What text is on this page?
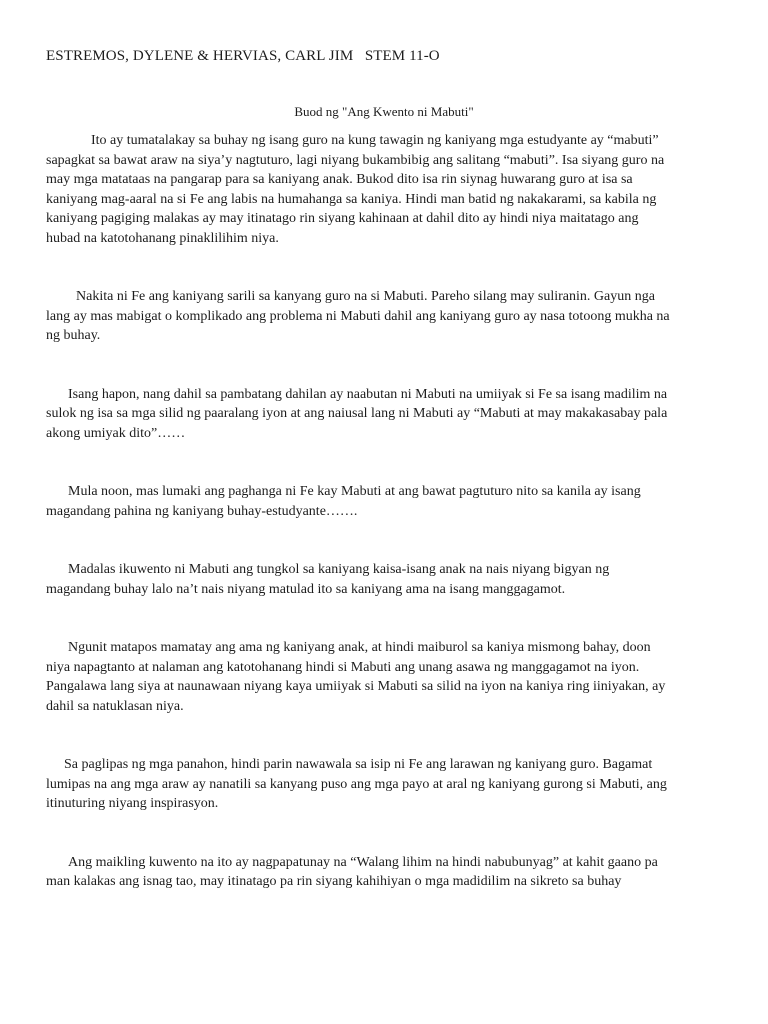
ESTREMOS, DYLENE & HERVIAS, CARL JIM   STEM 11-O
Buod ng "Ang Kwento ni Mabuti"

Ito ay tumatalakay sa buhay ng isang guro na kung tawagin ng kaniyang mga estudyante ay “mabuti”
sapagkat sa bawat araw na siya’y nagtuturo, lagi niyang bukambibig ang salitang “mabuti”. Isa siyang guro na
may mga matataas na pangarap para sa kaniyang anak. Bukod dito isa rin siynag huwarang guro at isa sa
kaniyang mag-aaral na si Fe ang labis na humahanga sa kaniya. Hindi man batid ng nakakarami, sa kabila ng
kaniyang pagiging malakas ay may itinatago rin siyang kahinaan at dahil dito ay hindi niya maitatago ang
hubad na katotohanang pinaklilihim niya.

Nakita ni Fe ang kaniyang sarili sa kanyang guro na si Mabuti. Pareho silang may suliranin. Gayun nga
lang ay mas mabigat o komplikado ang problema ni Mabuti dahil ang kaniyang guro ay nasa totoong mukha na
ng buhay.

Isang hapon, nang dahil sa pambatang dahilan ay naabutan ni Mabuti na umiiyak si Fe sa isang madilim na
sulok ng isa sa mga silid ng paaralang iyon at ang naiusal lang ni Mabuti ay “Mabuti at may makakasabay pala
akong umiyak dito”……

Mula noon, mas lumaki ang paghanga ni Fe kay Mabuti at ang bawat pagtuturo nito sa kanila ay isang
magandang pahina ng kaniyang buhay-estudyante…….

Madalas ikuwento ni Mabuti ang tungkol sa kaniyang kaisa-isang anak na nais niyang bigyan ng
magandang buhay lalo na’t nais niyang matulad ito sa kaniyang ama na isang manggagamot.

Ngunit matapos mamatay ang ama ng kaniyang anak, at hindi maiburol sa kaniya mismong bahay, doon
niya napagtanto at nalaman ang katotohanang hindi si Mabuti ang unang asawa ng manggagamot na iyon.
Pangalawa lang siya at naunawaan niyang kaya umiiyak si Mabuti sa silid na iyon na kaniya ring iiniyakan, ay
dahil sa natuklasan niya.

Sa paglipas ng mga panahon, hindi parin nawawala sa isip ni Fe ang larawan ng kaniyang guro. Bagamat
lumipas na ang mga araw ay nanatili sa kanyang puso ang mga payo at aral ng kaniyang gurong si Mabuti, ang
itinuturing niyang inspirasyon.

Ang maikling kuwento na ito ay nagpapatunay na “Walang lihim na hindi nabubunyag” at kahit gaano pa
man kalakas ang isnag tao, may itinatago pa rin siyang kahihiyan o mga madidilim na sikreto sa buhay
